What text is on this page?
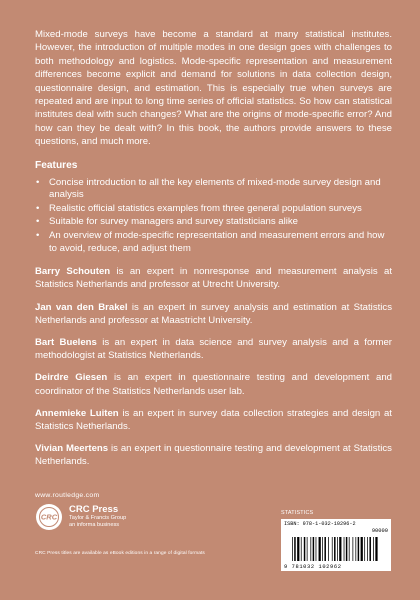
Mixed-mode surveys have become a standard at many statistical institutes. However, the introduction of multiple modes in one design goes with challenges to both methodology and logistics. Mode-specific representation and measurement differences become explicit and demand for solutions in data collection design, questionnaire design, and estimation. This is especially true when surveys are repeated and are input to long time series of official statistics. So how can statistical institutes deal with such changes? What are the origins of mode-specific error? And how can they be dealt with? In this book, the authors provide answers to these questions, and much more.

Features
• Concise introduction to all the key elements of mixed-mode survey design and analysis
• Realistic official statistics examples from three general population surveys
• Suitable for survey managers and survey statisticians alike
• An overview of mode-specific representation and measurement errors and how to avoid, reduce, and adjust them

Barry Schouten is an expert in nonresponse and measurement analysis at Statistics Netherlands and professor at Utrecht University.

Jan van den Brakel is an expert in survey analysis and estimation at Statistics Netherlands and professor at Maastricht University.

Bart Buelens is an expert in data science and survey analysis and a former methodologist at Statistics Netherlands.

Deirdre Giesen is an expert in questionnaire testing and development and coordinator of the Statistics Netherlands user lab.

Annemieke Luiten is an expert in survey data collection strategies and design at Statistics Netherlands.

Vivian Meertens is an expert in questionnaire testing and development at Statistics Netherlands.

www.routledge.com
CRC
CRC Press
Taylor & Francis Group
an informa business
CRC Press titles are available as eBook editions in a range of digital formats
STATISTICS
ISBN: 978-1-032-10296-2
90000
9 781032 102962
